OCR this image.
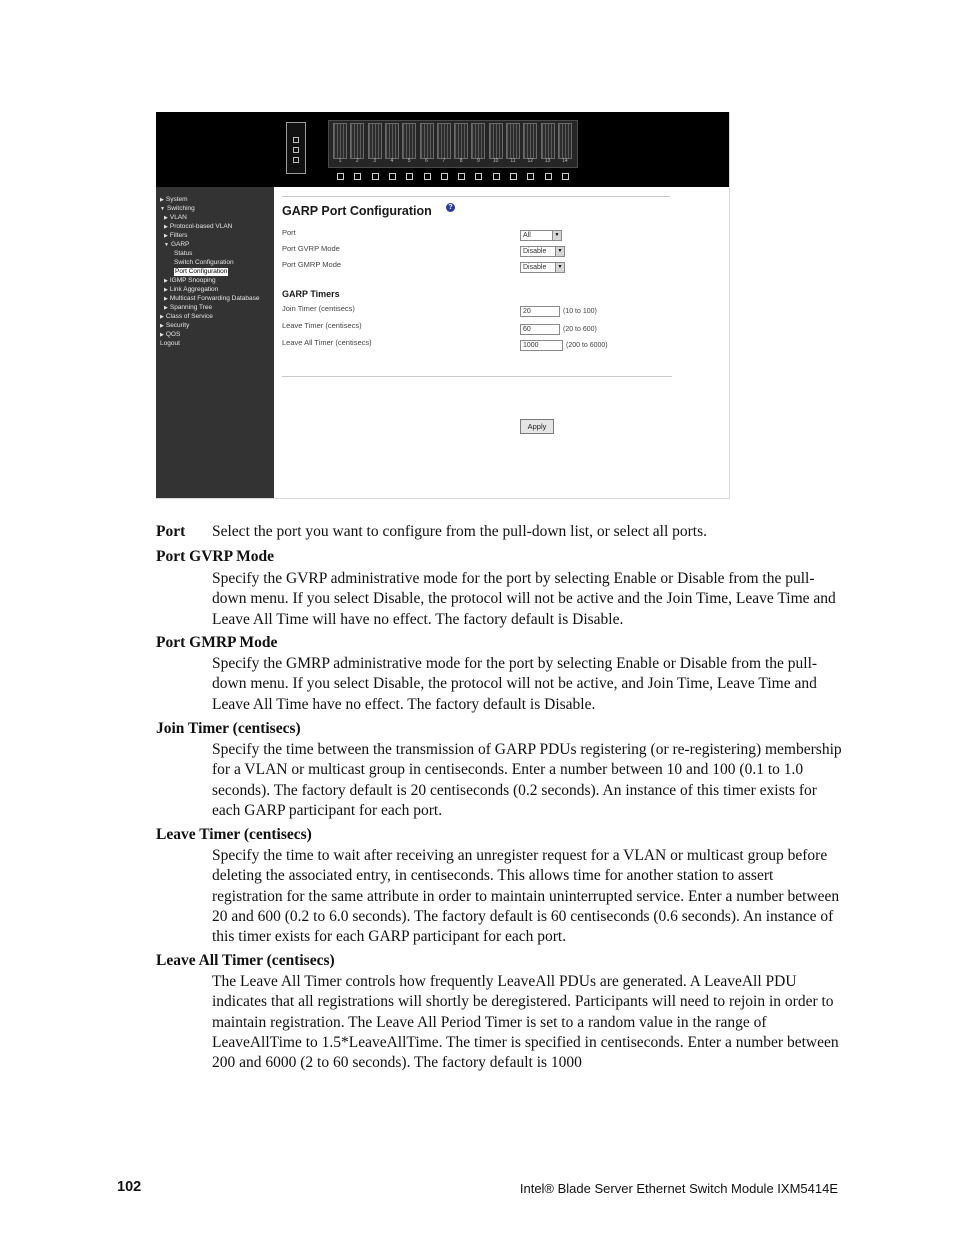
1	2	3	4	5	6	7	8	9	10	11	12	13	14
▶ System
▼ Switching
▶ VLAN
▶ Protocol-based VLAN
▶ Filters
▼ GARP
Status
Switch Configuration
Port Configuration
▶ IGMP Snooping
▶ Link Aggregation
▶ Multicast Forwarding Database
▶ Spanning Tree
▶ Class of Service
▶ Security
▶ QOS
Logout
GARP Port Configuration	?
Port	All	▼
Port GVRP Mode	Disable	▼
Port GMRP Mode	Disable	▼
GARP Timers
Join Timer (centisecs)	20	(10 to 100)
Leave Timer (centisecs)	60	(20 to 600)
Leave All Timer (centisecs)	1000	(200 to 6000)
Apply
Port Select the port you want to configure from the pull-down list, or select all ports.
Port GVRP Mode

Specify the GVRP administrative mode for the port by selecting Enable or Disable from the pull-down menu. If you select Disable, the protocol will not be active and the Join Time, Leave Time and Leave All Time will have no effect. The factory default is Disable.

Port GMRP Mode

Specify the GMRP administrative mode for the port by selecting Enable or Disable from the pull-down menu. If you select Disable, the protocol will not be active, and Join Time, Leave Time and Leave All Time have no effect. The factory default is Disable.

Join Timer (centisecs)

Specify the time between the transmission of GARP PDUs registering (or re-registering) membership for a VLAN or multicast group in centiseconds. Enter a number between 10 and 100 (0.1 to 1.0 seconds). The factory default is 20 centiseconds (0.2 seconds). An instance of this timer exists for each GARP participant for each port.

Leave Timer (centisecs)

Specify the time to wait after receiving an unregister request for a VLAN or multicast group before deleting the associated entry, in centiseconds. This allows time for another station to assert registration for the same attribute in order to maintain uninterrupted service. Enter a number between 20 and 600 (0.2 to 6.0 seconds). The factory default is 60 centiseconds (0.6 seconds). An instance of this timer exists for each GARP participant for each port.

Leave All Timer (centisecs)

The Leave All Timer controls how frequently LeaveAll PDUs are generated. A LeaveAll PDU indicates that all registrations will shortly be deregistered. Participants will need to rejoin in order to maintain registration. The Leave All Period Timer is set to a random value in the range of LeaveAllTime to 1.5*LeaveAllTime. The timer is specified in centiseconds. Enter a number between 200 and 6000 (2 to 60 seconds). The factory default is 1000

102	Intel® Blade Server Ethernet Switch Module IXM5414E
